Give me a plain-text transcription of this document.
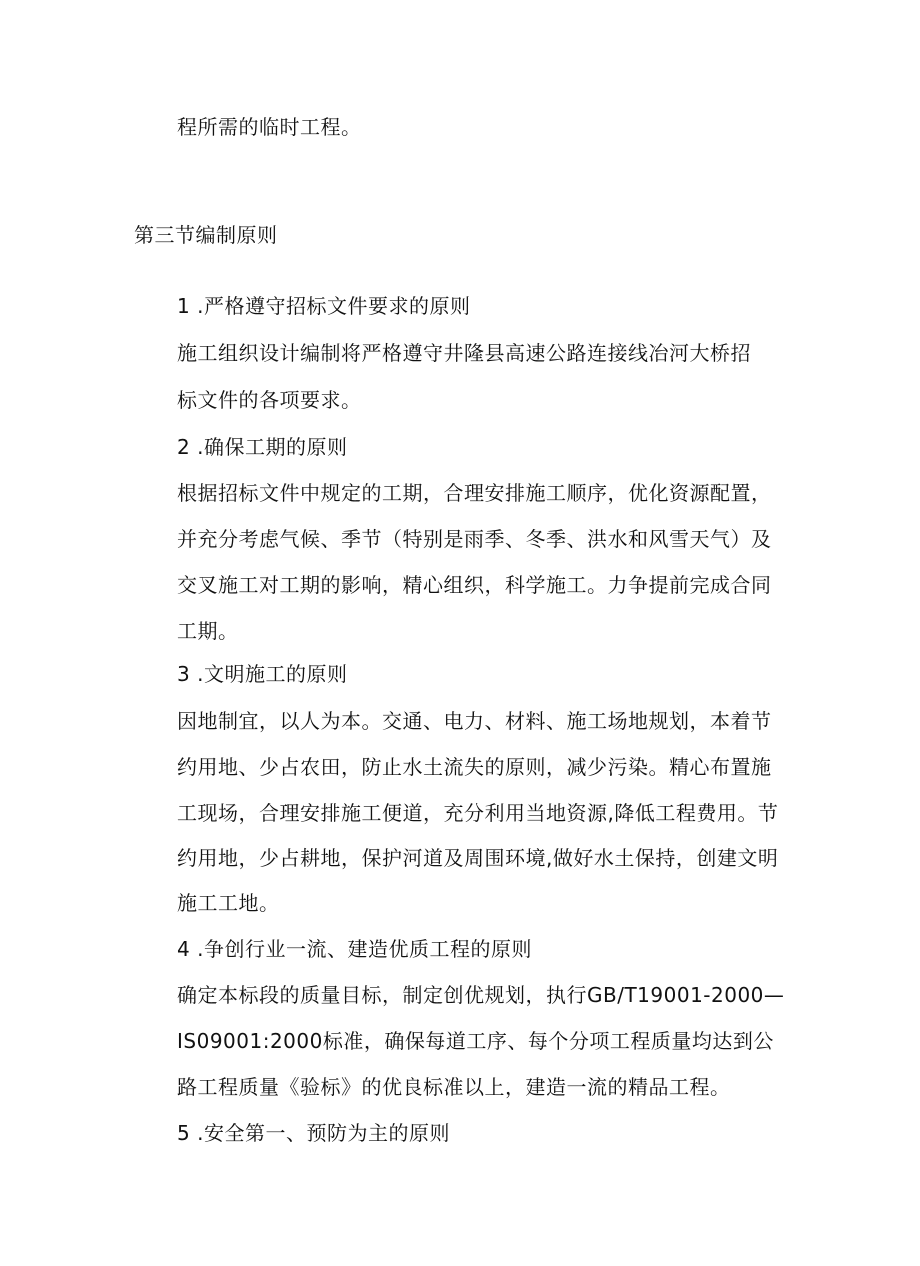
程所需的临时工程。
第三节编制原则
1 .严格遵守招标文件要求的原则
施工组织设计编制将严格遵守井隆县高速公路连接线冶河大桥招
标文件的各项要求。
2 .确保工期的原则
根据招标文件中规定的工期，合理安排施工顺序，优化资源配置，
并充分考虑气候、季节（特别是雨季、冬季、洪水和风雪天气）及
交叉施工对工期的影响，精心组织，科学施工。力争提前完成合同
工期。
3 .文明施工的原则
因地制宜，以人为本。交通、电力、材料、施工场地规划，本着节
约用地、少占农田，防止水土流失的原则，减少污染。精心布置施
工现场，合理安排施工便道，充分利用当地资源,降低工程费用。节
约用地，少占耕地，保护河道及周围环境,做好水土保持，创建文明
施工工地。
4 .争创行业一流、建造优质工程的原则
确定本标段的质量目标，制定创优规划，执行GB/T19001-2000—
IS09001:2000标准，确保每道工序、每个分项工程质量均达到公
路工程质量《验标》的优良标准以上，建造一流的精品工程。
5 .安全第一、预防为主的原则
